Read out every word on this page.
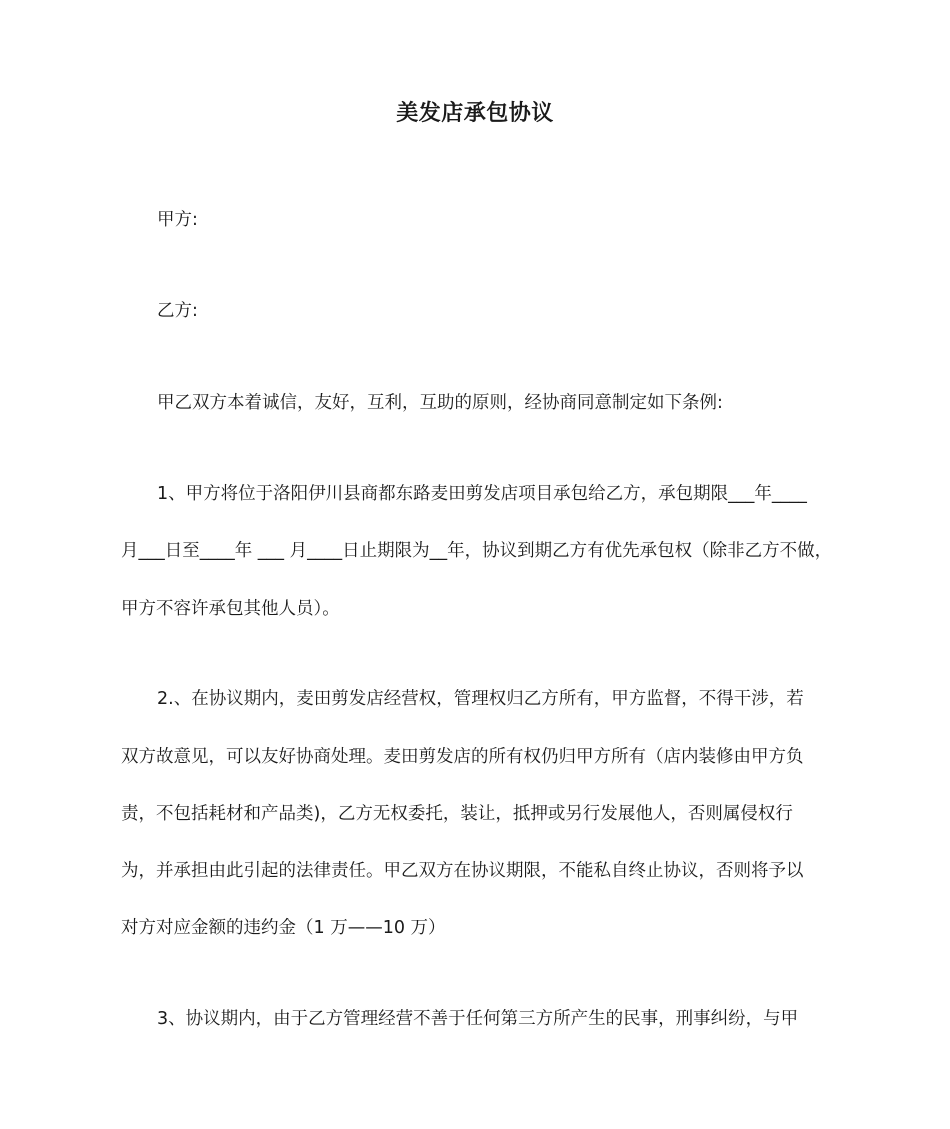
美发店承包协议

甲方:

乙方:

甲乙双方本着诚信，友好，互利，互助的原则，经协商同意制定如下条例:

1、甲方将位于洛阳伊川县商都东路麦田剪发店项目承包给乙方，承包期限___年____

月___日至____年 ___ 月____日止期限为__年，协议到期乙方有优先承包权（除非乙方不做，

甲方不容许承包其他人员）。

2.、在协议期内，麦田剪发店经营权，管理权归乙方所有，甲方监督，不得干涉，若

双方故意见，可以友好协商处理。麦田剪发店的所有权仍归甲方所有（店内装修由甲方负

责，不包括耗材和产品类)，乙方无权委托，装让，抵押或另行发展他人，否则属侵权行

为，并承担由此引起的法律责任。甲乙双方在协议期限，不能私自终止协议，否则将予以

对方对应金额的违约金（1 万——10 万）

3、协议期内，由于乙方管理经营不善于任何第三方所产生的民事，刑事纠纷，与甲
